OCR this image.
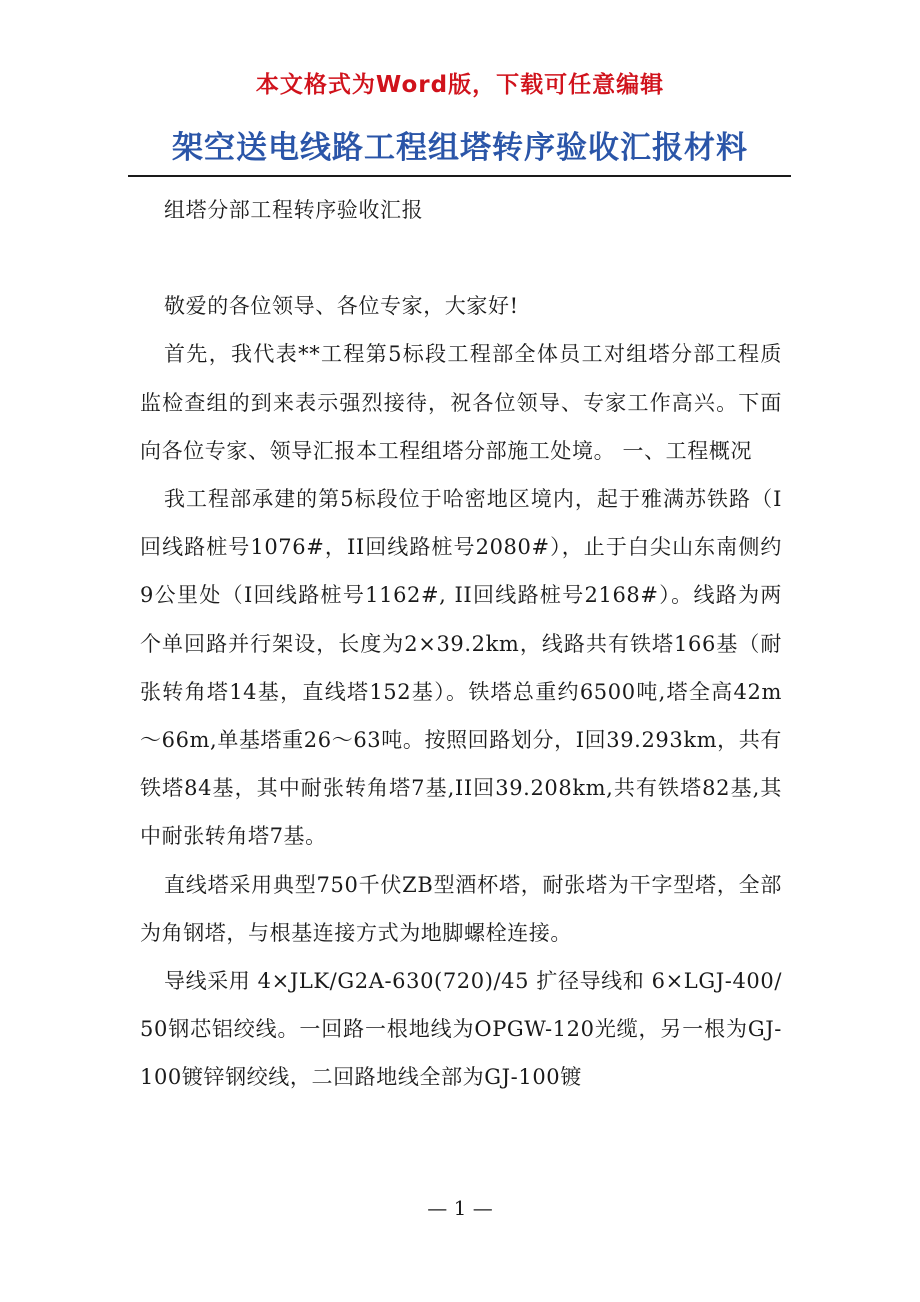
本文格式为Word版，下载可任意编辑
架空送电线路工程组塔转序验收汇报材料

组塔分部工程转序验收汇报

敬爱的各位领导、各位专家，大家好!

首先，我代表**工程第5标段工程部全体员工对组塔分部工程质监检查组的到来表示强烈接待，祝各位领导、专家工作高兴。下面向各位专家、领导汇报本工程组塔分部施工处境。 一、工程概况

我工程部承建的第5标段位于哈密地区境内，起于雅满苏铁路（I回线路桩号1076#，II回线路桩号2080#），止于白尖山东南侧约9公里处（I回线路桩号1162#, II回线路桩号2168#）。线路为两个单回路并行架设，长度为2×39.2km，线路共有铁塔166基（耐张转角塔14基，直线塔152基）。铁塔总重约6500吨,塔全高42m～66m,单基塔重26～63吨。按照回路划分，I回39.293km，共有铁塔84基，其中耐张转角塔7基,II回39.208km,共有铁塔82基,其中耐张转角塔7基。

直线塔采用典型750千伏ZB型酒杯塔，耐张塔为干字型塔，全部为角钢塔，与根基连接方式为地脚螺栓连接。

导线采用 4×JLK/G2A-630(720)/45 扩径导线和 6×LGJ-400/50钢芯铝绞线。一回路一根地线为OPGW-120光缆，另一根为GJ-100镀锌钢绞线，二回路地线全部为GJ-100镀

— 1 —
